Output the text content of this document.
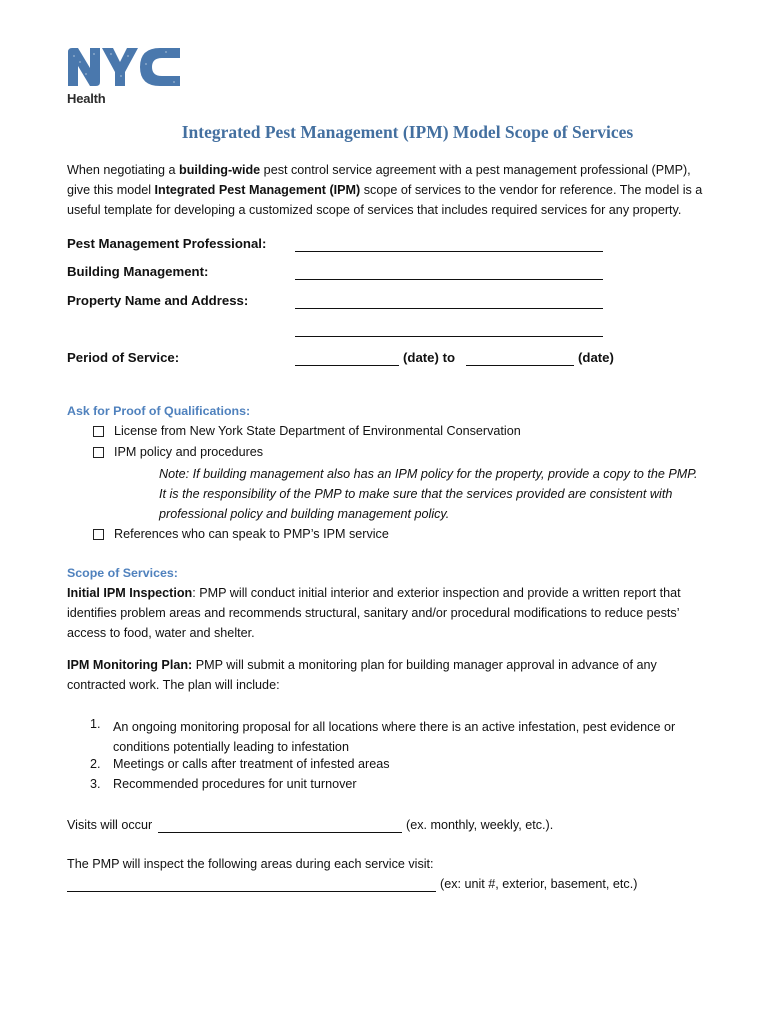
Health
Integrated Pest Management (IPM) Model Scope of Services
When negotiating a building-wide pest control service agreement with a pest management professional (PMP), give this model Integrated Pest Management (IPM) scope of services to the vendor for reference. The model is a useful template for developing a customized scope of services that includes required services for any property.
Pest Management Professional:
Building Management:
Property Name and Address:
Period of Service:	(date) to	(date)
Ask for Proof of Qualifications:
License from New York State Department of Environmental Conservation
IPM policy and procedures
Note: If building management also has an IPM policy for the property, provide a copy to the PMP. It is the responsibility of the PMP to make sure that the services provided are consistent with professional policy and building management policy.
References who can speak to PMP’s IPM service
Scope of Services:
Initial IPM Inspection: PMP will conduct initial interior and exterior inspection and provide a written report that identifies problem areas and recommends structural, sanitary and/or procedural modifications to reduce pests’ access to food, water and shelter.
IPM Monitoring Plan: PMP will submit a monitoring plan for building manager approval in advance of any contracted work. The plan will include:
1. An ongoing monitoring proposal for all locations where there is an active infestation, pest evidence or conditions potentially leading to infestation
2. Meetings or calls after treatment of infested areas
3. Recommended procedures for unit turnover
Visits will occur	(ex. monthly, weekly, etc.).
The PMP will inspect the following areas during each service visit:
(ex: unit #, exterior, basement, etc.)
